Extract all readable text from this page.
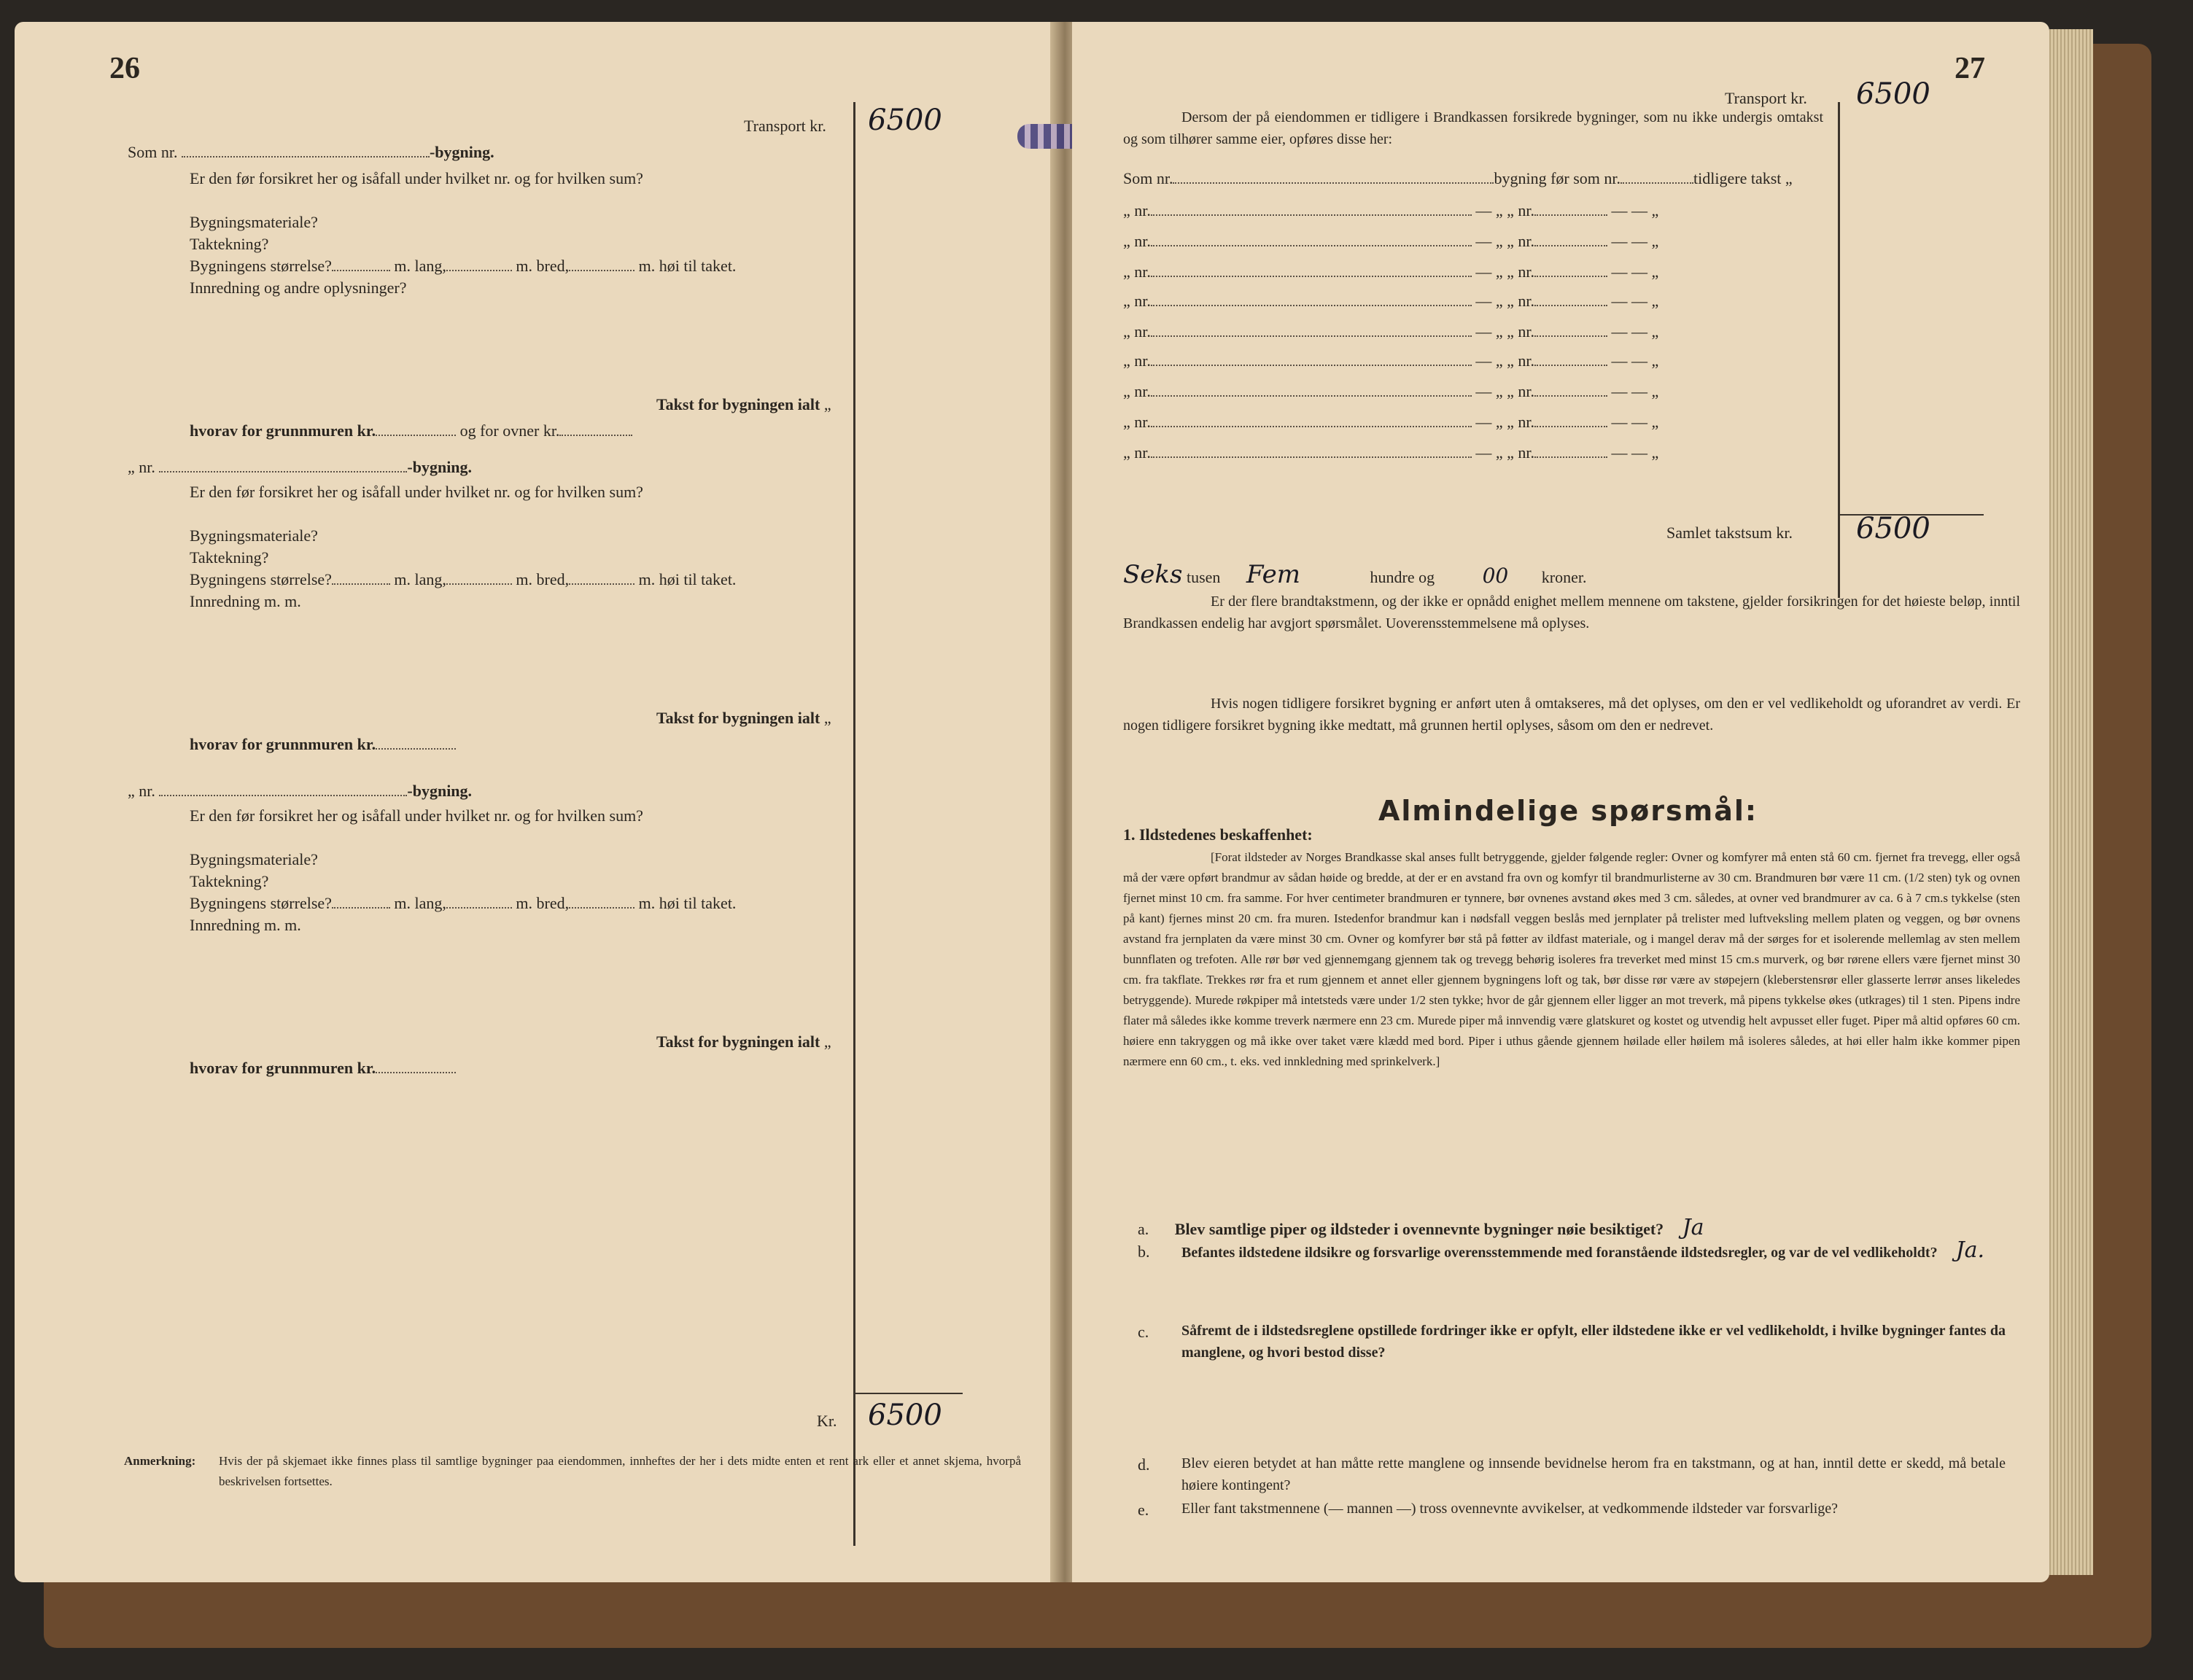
26
Transport kr. 6500
Som nr.	-bygning.
Er den før forsikret her og isåfall under hvilket nr. og for hvilken sum?
Bygningsmateriale?
Taktekning?
Bygningens størrelse?	m. lang,	m. bred,	m. høi til taket.
Innredning og andre oplysninger?
Takst for bygningen ialt „
hvorav for grunnmuren kr.	og for ovner kr.
„ nr.	-bygning.
Er den før forsikret her og isåfall under hvilket nr. og for hvilken sum?
Bygningsmateriale?
Taktekning?
Bygningens størrelse?	m. lang,	m. bred,	m. høi til taket.
Innredning m. m.
Takst for bygningen ialt „
hvorav for grunnmuren kr.
„ nr.	-bygning.
Er den før forsikret her og isåfall under hvilket nr. og for hvilken sum?
Bygningsmateriale?
Taktekning?
Bygningens størrelse?	m. lang,	m. bred,	m. høi til taket.
Innredning m. m.
Takst for bygningen ialt „
hvorav for grunnmuren kr.
Kr. 6500
Anmerkning: Hvis der på skjemaet ikke finnes plass til samtlige bygninger paa eiendommen, innheftes der her i dets midte enten et rent ark eller et annet skjema, hvorpå beskrivelsen fortsettes.
27
Transport kr. 6500
Dersom der på eiendommen er tidligere i Brandkassen forsikrede bygninger, som nu ikke undergis omtakst og som tilhører samme eier, opføres disse her:
Som nr.	bygning før som nr.	tidligere takst „
„ nr.	— „ „ nr.	— — „
„ nr.	— „ „ nr.	— — „
„ nr.	— „ „ nr.	— — „
„ nr.	— „ „ nr.	— — „
„ nr.	— „ „ nr.	— — „
„ nr.	— „ „ nr.	— — „
„ nr.	— „ „ nr.	— — „
„ nr.	— „ „ nr.	— — „
„ nr.	— „ „ nr.	— — „
Samlet takstsum kr. 6500
Seks tusen Fem	hundre og 00 kroner.
Er der flere brandtakstmenn, og der ikke er opnådd enighet mellem mennene om takstene, gjelder forsikringen for det høieste beløp, inntil Brandkassen endelig har avgjort spørsmålet. Uoverensstemmelsene må oplyses.
Hvis nogen tidligere forsikret bygning er anført uten å omtakseres, må det oplyses, om den er vel vedlikeholdt og uforandret av verdi. Er nogen tidligere forsikret bygning ikke medtatt, må grunnen hertil oplyses, såsom om den er nedrevet.
Almindelige spørsmål:
1. Ildstedenes beskaffenhet:
[Forat ildsteder av Norges Brandkasse skal anses fullt betryggende, gjelder følgende regler: Ovner og komfyrer må enten stå 60 cm. fjernet fra trevegg, eller også må der være opført brandmur av sådan høide og bredde, at der er en avstand fra ovn og komfyr til brandmurlisterne av 30 cm. Brandmuren bør være 11 cm. (1/2 sten) tyk og ovnen fjernet minst 10 cm. fra samme. For hver centimeter brandmuren er tynnere, bør ovnenes avstand økes med 3 cm. således, at ovner ved brandmurer av ca. 6 à 7 cm.s tykkelse (sten på kant) fjernes minst 20 cm. fra muren. Istedenfor brandmur kan i nødsfall veggen beslås med jernplater på trelister med luftveksling mellem platen og veggen, og bør ovnens avstand fra jernplaten da være minst 30 cm. Ovner og komfyrer bør stå på føtter av ildfast materiale, og i mangel derav må der sørges for et isolerende mellemlag av sten mellem bunnflaten og trefoten. Alle rør bør ved gjennemgang gjennem tak og trevegg behørig isoleres fra treverket med minst 15 cm.s murverk, og bør rørene ellers være fjernet minst 30 cm. fra takflate. Trekkes rør fra et rum gjennem et annet eller gjennem bygningens loft og tak, bør disse rør være av støpejern (kleberstensrør eller glasserte lerrør anses likeledes betryggende). Murede røkpiper må intetsteds være under 1/2 sten tykke; hvor de går gjennem eller ligger an mot treverk, må pipens tykkelse økes (utkrages) til 1 sten. Pipens indre flater må således ikke komme treverk nærmere enn 23 cm. Murede piper må innvendig være glatskuret og kostet og utvendig helt avpusset eller fuget. Piper må altid opføres 60 cm. høiere enn takryggen og må ikke over taket være klædd med bord. Piper i uthus gående gjennem høilade eller høilem må isoleres således, at høi eller halm ikke kommer pipen nærmere enn 60 cm., t. eks. ved innkledning med sprinkelverk.]
a. Blev samtlige piper og ildsteder i ovennevnte bygninger nøie besiktiget? Ja
Befantes ildstedene ildsikre og forsvarlige overensstemmende med foranstående ildstedsregler, og var de vel vedlikeholdt? Ja.
b.
Såfremt de i ildstedsreglene opstillede fordringer ikke er opfylt, eller ildstedene ikke er vel vedlikeholdt, i hvilke bygninger fantes da manglene, og hvori bestod disse?
c.
Blev eieren betydet at han måtte rette manglene og innsende bevidnelse herom fra en takstmann, og at han, inntil dette er skedd, må betale høiere kontingent?
d.
Eller fant takstmennene (— mannen —) tross ovennevnte avvikelser, at vedkommende ildsteder var forsvarlige?
e.
